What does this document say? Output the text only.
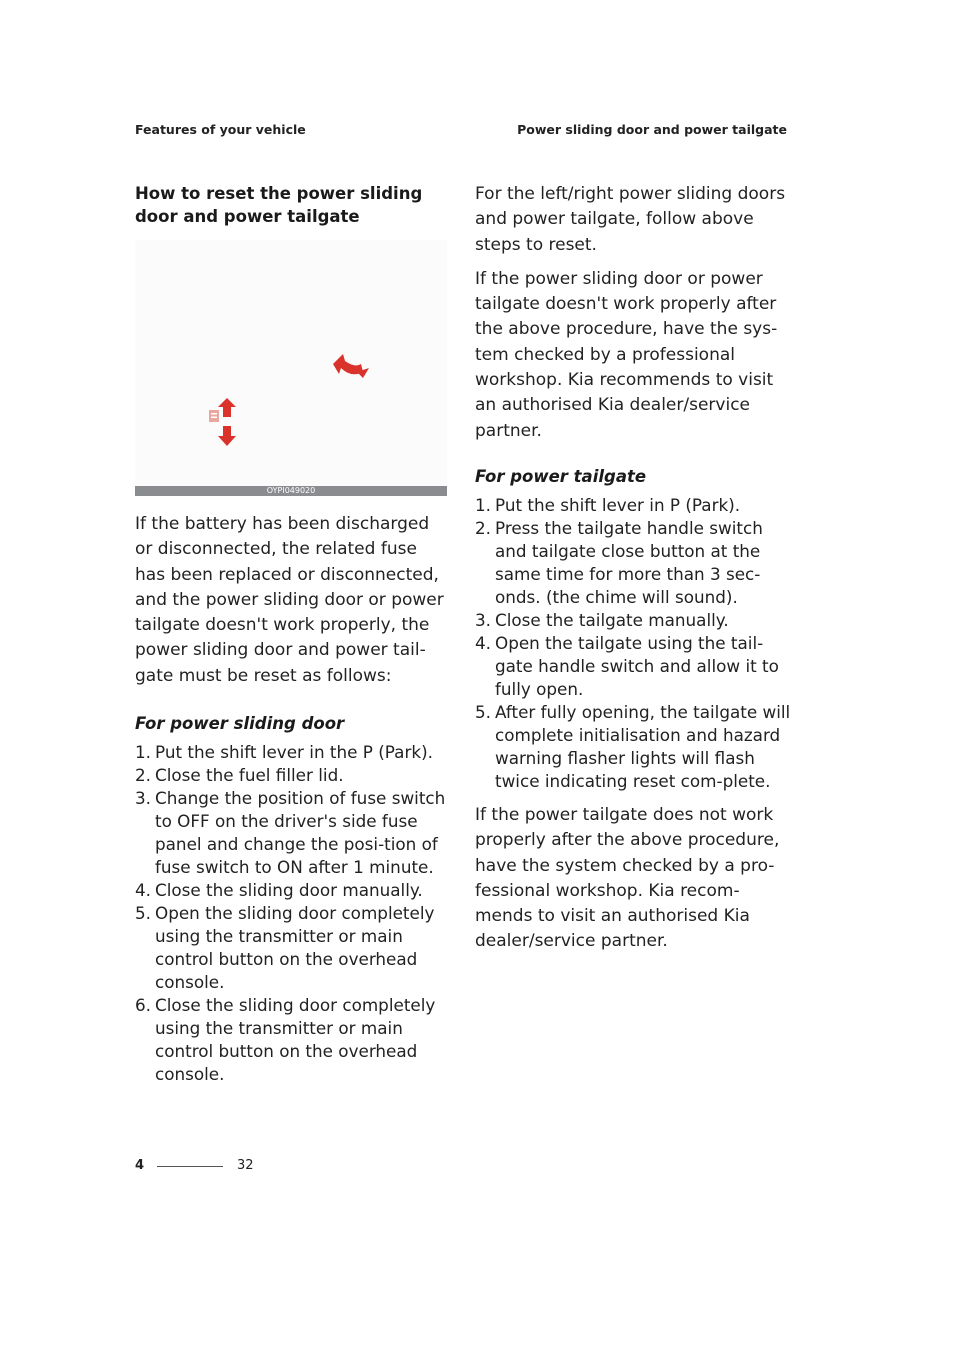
Features of your vehicle	Power sliding door and power tailgate
How to reset the power sliding door and power tailgate
OYPI049020

If the battery has been discharged or disconnected, the related fuse has been replaced or disconnected, and the power sliding door or power tailgate doesn't work properly, the power sliding door and power tail-gate must be reset as follows:

For power sliding door
1. Put the shift lever in the P (Park).
2. Close the fuel filler lid.
3. Change the position of fuse switch to OFF on the driver's side fuse panel and change the posi-tion of fuse switch to ON after 1 minute.
4. Close the sliding door manually.
5. Open the sliding door completely using the transmitter or main control button on the overhead console.
6. Close the sliding door completely using the transmitter or main control button on the overhead console.

For the left/right power sliding doors and power tailgate, follow above steps to reset.

If the power sliding door or power tailgate doesn't work properly after the above procedure, have the sys-tem checked by a professional workshop. Kia recommends to visit an authorised Kia dealer/service partner.

For power tailgate
1. Put the shift lever in P (Park).
2. Press the tailgate handle switch and tailgate close button at the same time for more than 3 sec-onds. (the chime will sound).
3. Close the tailgate manually.
4. Open the tailgate using the tail-gate handle switch and allow it to fully open.
5. After fully opening, the tailgate will complete initialisation and hazard warning flasher lights will flash twice indicating reset com-plete.

If the power tailgate does not work properly after the above procedure, have the system checked by a pro-fessional workshop. Kia recom-mends to visit an authorised Kia dealer/service partner.

4	32
